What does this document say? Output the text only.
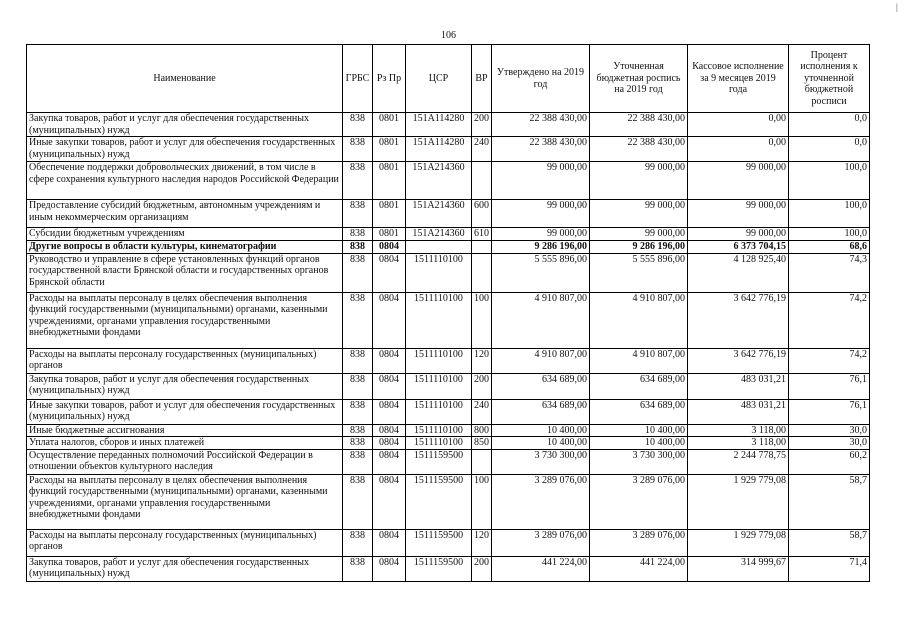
106
|
Наименование	ГРБС	Рз Пр	ЦСР	ВР	Утверждено на 2019 год	Уточненная бюджетная роспись на 2019 год	Кассовое исполнение за 9 месяцев 2019 года	Процент исполнения к уточненной бюджетной росписи
Закупка товаров, работ и услуг для обеспечения государственных (муниципальных) нужд	838	0801	151A114280	200	22 388 430,00	22 388 430,00	0,00	0,0
Иные закупки товаров, работ и услуг для обеспечения государственных (муниципальных) нужд	838	0801	151A114280	240	22 388 430,00	22 388 430,00	0,00	0,0
Обеспечение поддержки добровольческих движений, в том числе в сфере сохранения культурного наследия народов Российской Федерации	838	0801	151A214360		99 000,00	99 000,00	99 000,00	100,0
Предоставление субсидий бюджетным, автономным учреждениям и иным некоммерческим организациям	838	0801	151A214360	600	99 000,00	99 000,00	99 000,00	100,0
Субсидии бюджетным учреждениям	838	0801	151A214360	610	99 000,00	99 000,00	99 000,00	100,0
Другие вопросы в области культуры, кинематографии	838	0804			9 286 196,00	9 286 196,00	6 373 704,15	68,6
Руководство и управление в сфере установленных функций органов государственной власти Брянской области и государственных органов Брянской области	838	0804	1511110100		5 555 896,00	5 555 896,00	4 128 925,40	74,3
Расходы на выплаты персоналу в целях обеспечения выполнения функций государственными (муниципальными) органами, казенными учреждениями, органами управления государственными внебюджетными фондами	838	0804	1511110100	100	4 910 807,00	4 910 807,00	3 642 776,19	74,2
Расходы на выплаты персоналу государственных (муниципальных) органов	838	0804	1511110100	120	4 910 807,00	4 910 807,00	3 642 776,19	74,2
Закупка товаров, работ и услуг для обеспечения государственных (муниципальных) нужд	838	0804	1511110100	200	634 689,00	634 689,00	483 031,21	76,1
Иные закупки товаров, работ и услуг для обеспечения государственных (муниципальных) нужд	838	0804	1511110100	240	634 689,00	634 689,00	483 031,21	76,1
Иные бюджетные ассигнования	838	0804	1511110100	800	10 400,00	10 400,00	3 118,00	30,0
Уплата налогов, сборов и иных платежей	838	0804	1511110100	850	10 400,00	10 400,00	3 118,00	30,0
Осуществление переданных полномочий Российской Федерации в отношении объектов культурного наследия	838	0804	1511159500		3 730 300,00	3 730 300,00	2 244 778,75	60,2
Расходы на выплаты персоналу в целях обеспечения выполнения функций государственными (муниципальными) органами, казенными учреждениями, органами управления государственными внебюджетными фондами	838	0804	1511159500	100	3 289 076,00	3 289 076,00	1 929 779,08	58,7
Расходы на выплаты персоналу государственных (муниципальных) органов	838	0804	1511159500	120	3 289 076,00	3 289 076,00	1 929 779,08	58,7
Закупка товаров, работ и услуг для обеспечения государственных (муниципальных) нужд	838	0804	1511159500	200	441 224,00	441 224,00	314 999,67	71,4
